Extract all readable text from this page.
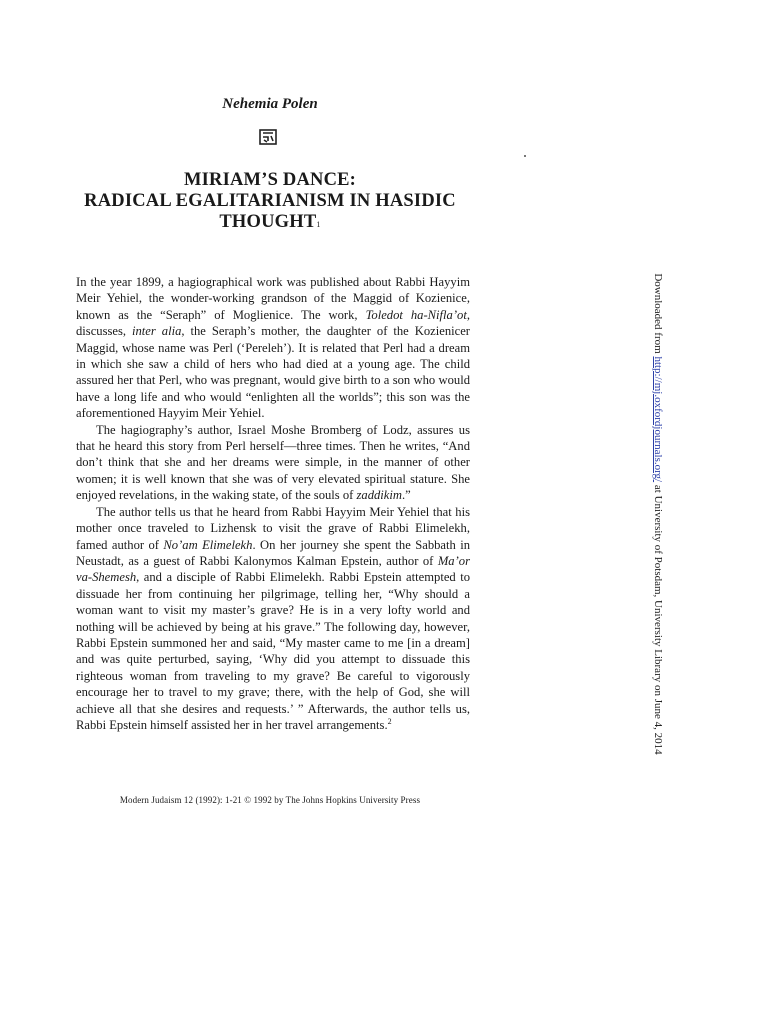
Nehemia Polen
MIRIAM’S DANCE:
RADICAL EGALITARIANISM IN HASIDIC
THOUGHT$^1$

In the year 1899, a hagiographical work was published about Rabbi Hayyim Meir Yehiel, the wonder-working grandson of the Maggid of Kozienice, known as the “Seraph” of Moglienice. The work, Toledot ha-Nifla’ot, discusses, inter alia, the Seraph’s mother, the daughter of the Kozienicer Maggid, whose name was Perl (‘Pereleh’). It is related that Perl had a dream in which she saw a child of hers who had died at a young age. The child assured her that Perl, who was pregnant, would give birth to a son who would have a long life and who would “enlighten all the worlds”; this son was the aforementioned Hayyim Meir Yehiel.

The hagiography’s author, Israel Moshe Bromberg of Lodz, assures us that he heard this story from Perl herself—three times. Then he writes, “And don’t think that she and her dreams were simple, in the manner of other women; it is well known that she was of very elevated spiritual stature. She enjoyed revelations, in the waking state, of the souls of zaddikim.”

The author tells us that he heard from Rabbi Hayyim Meir Yehiel that his mother once traveled to Lizhensk to visit the grave of Rabbi Elimelekh, famed author of No’am Elimelekh. On her journey she spent the Sabbath in Neustadt, as a guest of Rabbi Kalonymos Kalman Epstein, author of Ma’or va-Shemesh, and a disciple of Rabbi Elimelekh. Rabbi Epstein attempted to dissuade her from continuing her pilgrimage, telling her, “Why should a woman want to visit my master’s grave? He is in a very lofty world and nothing will be achieved by being at his grave.” The following day, however, Rabbi Epstein summoned her and said, “My master came to me [in a dream] and was quite perturbed, saying, ‘Why did you attempt to dissuade this righteous woman from traveling to my grave? Be careful to vigorously encourage her to travel to my grave; there, with the help of God, she will achieve all that she desires and requests.’ ” Afterwards, the author tells us, Rabbi Epstein himself assisted her in her travel arrangements.$^2$

Modern Judaism 12 (1992): 1-21 © 1992 by The Johns Hopkins University Press
Downloaded from http://mj.oxfordjournals.org/ at University of Potsdam, University Library on June 4, 2014
